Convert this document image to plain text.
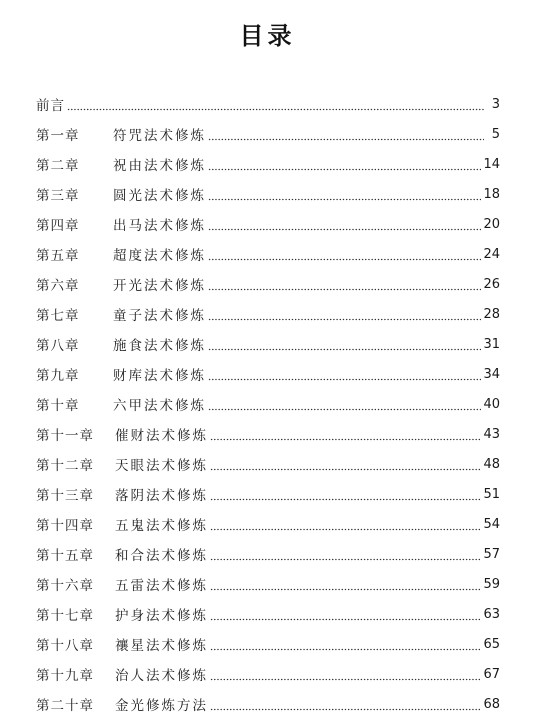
目录
前言	3
第一章	符咒法术修炼	5
第二章	祝由法术修炼	14
第三章	圆光法术修炼	18
第四章	出马法术修炼	20
第五章	超度法术修炼	24
第六章	开光法术修炼	26
第七章	童子法术修炼	28
第八章	施食法术修炼	31
第九章	财库法术修炼	34
第十章	六甲法术修炼	40
第十一章	催财法术修炼	43
第十二章	天眼法术修炼	48
第十三章	落阴法术修炼	51
第十四章	五鬼法术修炼	54
第十五章	和合法术修炼	57
第十六章	五雷法术修炼	59
第十七章	护身法术修炼	63
第十八章	禳星法术修炼	65
第十九章	治人法术修炼	67
第二十章	金光修炼方法	68
